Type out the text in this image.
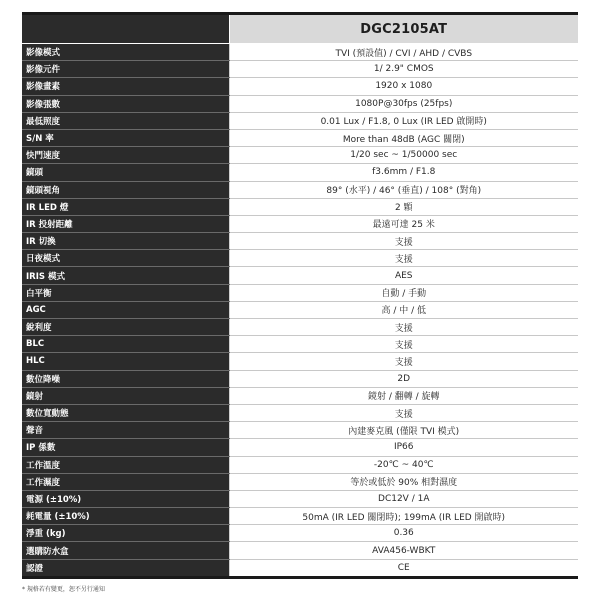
	DGC2105AT
影像模式	TVI (預設值) / CVI / AHD / CVBS
影像元件	1/ 2.9" CMOS
影像畫素	1920 x 1080
影像張數	1080P@30fps (25fps)
最低照度	0.01 Lux / F1.8, 0 Lux (IR LED 啟開時)
S/N 率	More than 48dB (AGC 關閉)
快門速度	1/20 sec ~ 1/50000 sec
鏡頭	f3.6mm / F1.8
鏡頭視角	89° (水平) / 46° (垂直) / 108° (對角)
IR LED 燈	2 顆
IR 投射距離	最遠可達 25 米
IR 切換	支援
日夜模式	支援
IRIS 模式	AES
白平衡	自動 / 手動
AGC	高 / 中 / 低
銳利度	支援
BLC	支援
HLC	支援
數位降噪	2D
鏡射	鏡射 / 翻轉 / 旋轉
數位寬動態	支援
聲音	內建麥克風 (僅限 TVI 模式)
IP 係數	IP66
工作溫度	-20℃ ~ 40℃
工作濕度	等於或低於 90% 相對濕度
電源 (±10%)	DC12V / 1A
耗電量 (±10%)	50mA (IR LED 關閉時); 199mA (IR LED 開啟時)
淨重 (kg)	0.36
選購防水盒	AVA456-WBKT
認證	CE
* 規格若有變更，恕不另行通知
